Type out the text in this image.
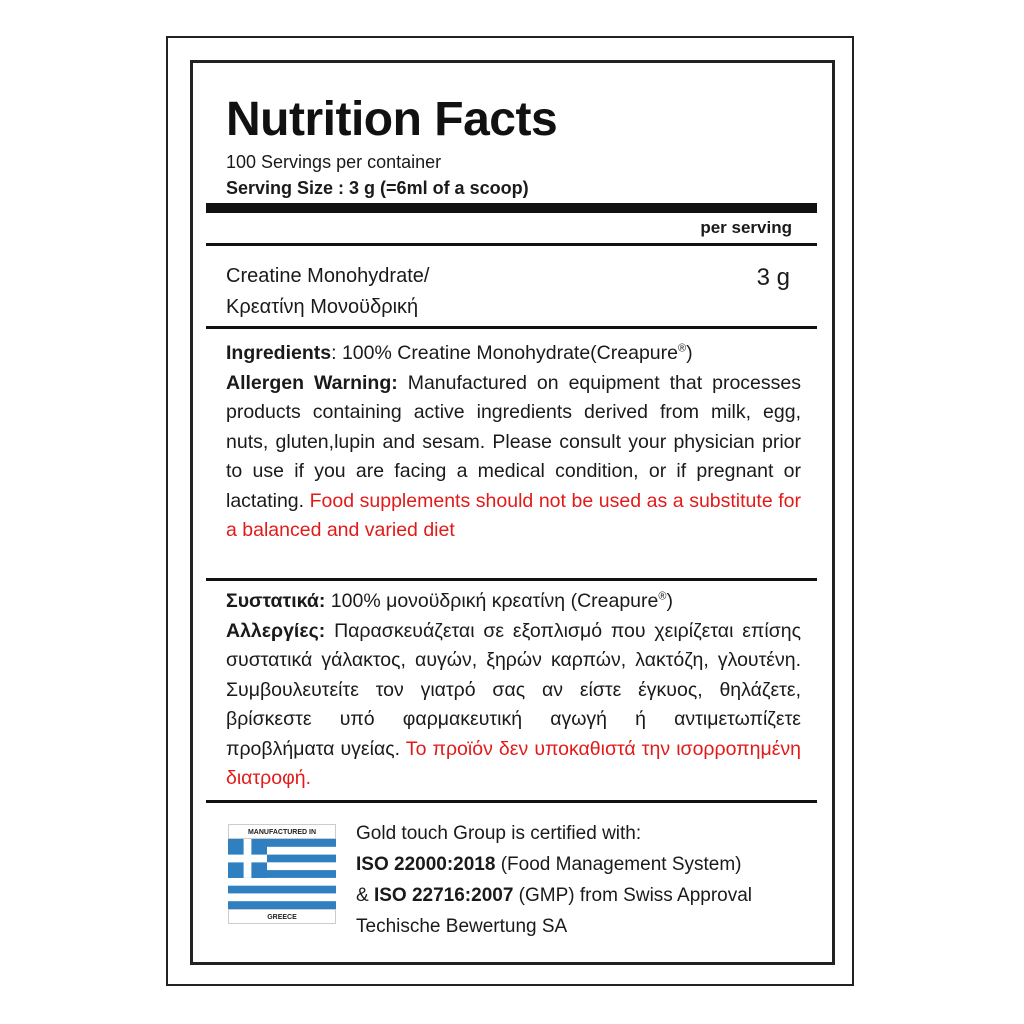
Nutrition Facts
100 Servings per container
Serving Size : 3 g (=6ml of a scoop)
per serving
Creatine Monohydrate/
Κρεατίνη Μονοϋδρική
3 g
Ingredients: 100% Creatine Monohydrate(Creapure®)
Allergen Warning: Manufactured on equipment that processes products containing active ingredients derived from milk, egg, nuts, gluten,lupin and sesam. Please consult your physician prior to use if you are facing a medical condition, or if pregnant or lactating. Food supplements should not be used as a substitute for a balanced and varied diet
Συστατικά: 100% μονοϋδρική κρεατίνη (Creapure®)
Αλλεργίες: Παρασκευάζεται σε εξοπλισμό που χειρίζεται επίσης συστατικά γάλακτος, αυγών, ξηρών καρπών, λακτόζη, γλουτένη. Συμβουλευτείτε τον γιατρό σας αν είστε έγκυος, θηλάζετε, βρίσκεστε υπό φαρμακευτική αγωγή ή αντιμετωπίζετε προβλήματα υγείας. Το προϊόν δεν υποκαθιστά την ισορροπημένη διατροφή.
MANUFACTURED IN
GREECE
Gold touch Group is certified with:
ISO 22000:2018 (Food Management System)
& ISO 22716:2007 (GMP) from Swiss Approval
Techische Bewertung SA
